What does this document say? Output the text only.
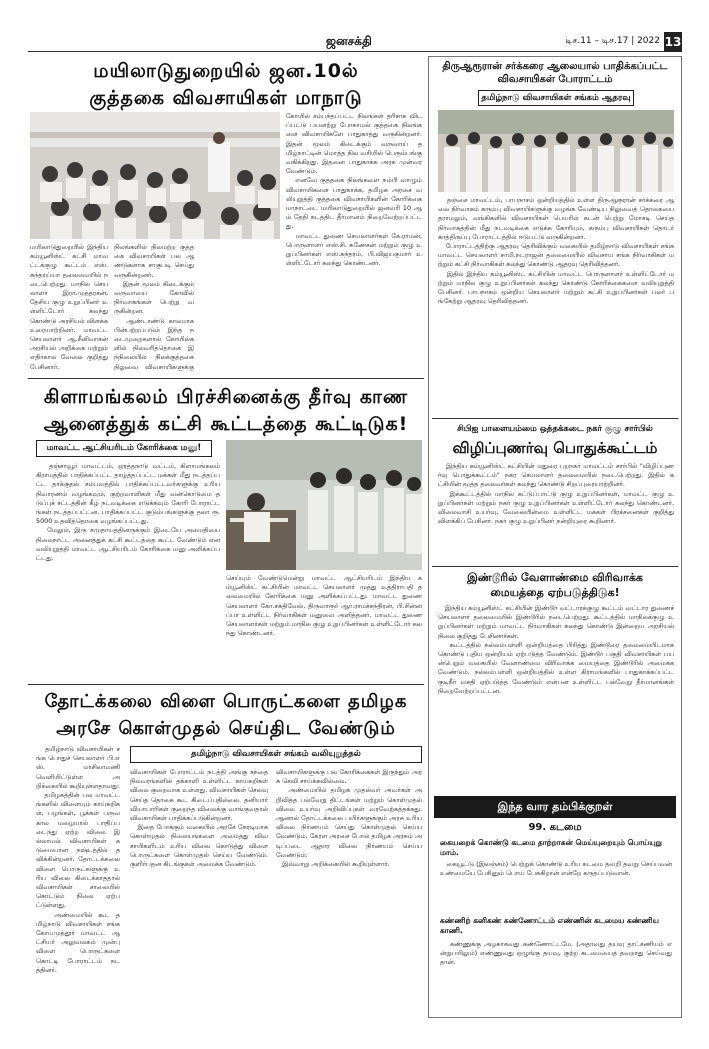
ஜனசக்தி	டிச.11 – டிச.17 | 2022 13
மயிலாடுதுறையில் ஜன.10ல்
குத்தகை விவசாயிகள் மாநாடு
மயிலாடுதுறையில் இந்திய கம்யூனிஸ்ட் கட்சி மாவட்டக்குழு கூட்டம் எஸ்.சுந்தரய்யா தலைமையில் நடைபெற்றது. மாநில செயலாளர் இரா.முத்தரசன், தேசிய குழு உறுப்பினர் உள்ளிட்டோர் கலந்து கொண்டு அரசியல் விளக்க உரையாற்றினர். மாவட்ட செயலாளர் ஆ.சீனிவாசன் அரசியல் அறிக்கை மற்றும் எதிர்கால வேலை குறித்து பேசினார்.

நிலங்களில் நிலமற்ற குத்தகை விவசாயிகள் பல ஆண்டுகளாக சாகுபடி செய்து வருகின்றனர்.
இதன் மூலம் கிடைக்கும் வருவாயை கோவில் நிர்வாகங்கள் பெற்று வருகின்றன.
ஆண்டாண்டு காலமாக பின்பற்றப்படும் இந்த நடைமுறைகளால் கோயில்களில் நிலவரித்தொகை இந்நிலையில் நிலக்குத்தகை நிலுவை விவசாயிகளுக்கு
கோயில் சம்பந்தப்பட்ட நிலங்கள் தரிசாக விடப்பட்டு பயனற்று போகாமல் குத்தகை நிலங்களை விவசாயிகளே பாதுகாத்து வருகின்றனர். இதன் மூலம் கிடைக்கும் வருவாய் தமிழ்நாட்டின் மொத்த நில வரியில் பெரும்பங்கு வகிக்கிறது. இதனை பாதுகாக்க அரசு முன்வர வேண்டும்.
எனவே குத்தகை நிலங்களை நம்பி வாழும் விவசாயிகளை பாதுகாக்க, தமிழக அரசை வலியுறுத்தி குத்தகை விவசாயிகளின் கோரிக்கை மாநாட்டை மயிலாடுதுறையில் ஜனவரி 10 ஆம் தேதி நடத்திட தீர்மானம் நிறைவேற்றப்பட்டது.
மாவட்ட துணை செயலாளர்கள் கே.ராமன், பொருளாளர் எஸ்.சி. கணேசன் மற்றும் குழு உறுப்பினர்கள் எஸ்.சுந்தரம், பி.விஜயகுமார் உள்ளிட்டோர் கலந்து கொண்டனர்.
கிளாமங்கலம் பிரச்சினைக்கு தீர்வு காண
ஆனைத்துக் கட்சி கூட்டத்தை கூட்டிடுக!
மாவட்ட ஆட்சியரிடம் கோரிக்கை மனு!
தஞ்சாவூர் மாவட்டம், ஒரத்தநாடு வட்டம், கிளாமங்கலம் கிராமத்தில் பாதிக்கப்பட்ட தாழ்த்தப்பட்ட மக்கள் மீது நடத்தப்பட்ட தாக்குதல் சம்பவத்தில் பாதிக்கப்பட்டவர்களுக்கு உரிய நிவாரணம் வழங்கவும், குற்றவாளிகள் மீது வன்கொடுமை தடுப்புச் சட்டத்தின் கீழ் நடவடிக்கை எடுக்கவும் கோரி போராட்டங்கள் நடத்தப்பட்டன. பாதிக்கப்பட்ட குடும்பங்களுக்கு தலா ரூ.5000 உதவித்தொகை வழங்கப்பட்டது.
மேலும், இரு சமுதாயத்தினருக்கும் இடையே அமைதியை நிலைநாட்ட அனைத்துக் கட்சி கூட்டத்தை கூட்ட வேண்டும் என வலியுறுத்தி மாவட்ட ஆட்சியரிடம் கோரிக்கை மனு அளிக்கப்பட்டது.
செய்யும் வேண்டுமென்று மாவட்ட ஆட்சியரிடம் இந்திய கம்யூனிஸ்ட் கட்சியின் மாவட்ட செயலாளர் முத்து உத்திராபதி தலைமையில் கோரிக்கை மனு அளிக்கப்பட்டது. மாவட்ட துணை செயலாளர் கோ.சக்திவேல், திருவாரூர் ஆர்.ராமச்சந்திரன், பி.சின்னப்பா உள்ளிட்ட நிர்வாகிகள் மனுவை அளித்தனர். மாவட்ட துணை செயலாளர்கள் மற்றும் மாநில குழு உறுப்பினர்கள் உள்ளிட்டோர் கலந்து கொண்டனர்.
தோட்க்கலை விளை பொருட்களை தமிழக
அரசே கொள்முதல் செய்திட வேண்டும்
தமிழ்நாடு விவசாயிகள் சங்க பொதுச் செயலாளர் பி.எஸ். மாசிலாமணி வெளியிட்டுள்ள அறிக்கையில் கூறியுள்ளதாவது:
தமிழகத்தின் பல மாவட்டங்களில் விளையும் காய்கறிகள், பழங்கள், பூக்கள் பருவகால மழையால் பாதிப்படைந்து ஏற்ற விலை இல்லாமல் விவசாயிகள் கடுமையான நஷ்டத்தில் தவிக்கின்றனர். தோட்டக்கலை விளை பொருட்களுக்கு உரிய விலை கிடைக்காததால் விவசாயிகள் சாலையில் கொட்டும் நிலை ஏற்பட்டுள்ளது.
அண்மையில் கூட தமிழ்நாடு விவசாயிகள் சங்க கோயமுத்தூர் மாவட்ட ஆட்சியர் அலுவலகம் முன்பு விளை பொருட்களை கொட்டி போராட்டம் நடத்தினர்.
தமிழ்நாடு விவசாயிகள் சங்கம் வலியுறுத்தல்
விவசாயிகள் போராட்டம் நடத்தி அங்கு சந்தை நிலவரங்களில் தக்காளி உள்ளிட்ட காய்கறிகள் விலை குறைவாக உள்ளது. விவசாயிகள் செலவு செய்த தொகை கூட கிடைப்பதில்லை. தனியார் வியாபாரிகள் குறைந்த விலைக்கு வாங்குவதால் விவசாயிகள் பாதிக்கப்படுகின்றனர்.
இதை போக்கும் வகையில் அரசே நேரடியாக கொள்முதல் நிலையங்களை அமைத்து விவசாயிகளிடம் உரிய விலை கொடுத்து விளை பொருட்களை கொள்முதல் செய்ய வேண்டும். குளிர்பதன கிடங்குகள் அமைக்க வேண்டும்.
விவசாயிகளுக்கு பல கோரிக்கைகள் இருந்தும் அரசு செவி சாய்க்கவில்லை.
அண்மையில் தமிழக முதல்வர் அவர்கள் அறிவித்த பல்வேறு திட்டங்கள் மற்றும் கொள்முதல் விலை உயர்வு அறிவிப்புகள் வரவேற்கத்தக்கது. ஆனால் தோட்டக்கலை பயிர்களுக்கும் அரசு உரிய விலை நிர்ணயம் செய்து கொள்முதல் செய்ய வேண்டும். கேரள அரசை போல் தமிழக அரசும் அடிப்படை ஆதார விலை நிர்ணயம் செய்ய வேண்டும்.
இவ்வாறு அறிக்கையில் கூறியுள்ளார்.
திருஆரூரான் சர்க்கரை ஆலையால் பாதிக்கப்பட்ட விவசாயிகள் போராட்டம்
தமிழ்நாடு விவசாயிகள் சங்கம் ஆதரவு
தஞ்சை மாவட்டம், பாபநாசம் ஒன்றியத்தில் உள்ள திருஆரூரான் சர்க்கரை ஆலை நிர்வாகம் கரும்பு விவசாயிகளுக்கு வழங்க வேண்டிய நிலுவைத் தொகையை தராமலும், வங்கிகளில் விவசாயிகள் பெயரில் கடன் பெற்று மோசடி செய்த நிர்வாகத்தின் மீது நடவடிக்கை எடுக்க கோரியும், கரும்பு விவசாயிகள் தொடர் காத்திருப்பு போராட்டத்தில் ஈடுபட்டு வருகின்றனர்.
போராட்டத்திற்கு ஆதரவு தெரிவிக்கும் வகையில் தமிழ்நாடு விவசாயிகள் சங்க மாவட்ட செயலாளர் சாமி.நடராஜன் தலைமையில் விவசாய சங்க நிர்வாகிகள் மற்றும் கட்சி நிர்வாகிகள் கலந்து கொண்டு ஆதரவு தெரிவித்தனர்.
இதில் இந்திய கம்யூனிஸ்ட் கட்சியின் மாவட்ட பொருளாளர் உள்ளிட்டோர் மற்றும் மாநில குழு உறுப்பினர்கள் கலந்து கொண்டு கோரிக்கைகளை வலியுறுத்தி பேசினர். பாபநாசம் ஒன்றிய செயலாளர் மற்றும் கட்சி உறுப்பினர்கள் பலர் பங்கேற்று ஆதரவு தெரிவித்தனர்.
சிபிஐ பாளையம்மை ஒத்தக்கடை நகர் குழு சார்பில்
விழிப்புணர்வு பொதுக்கூட்டம்
இந்திய கம்யூனிஸ்ட் கட்சியின் மதுரை புறநகர் மாவட்டம் சார்பில் "விழிப்புணர்வு பொதுக்கூட்டம்" நகர செயலாளர் தலைமையில் நடைபெற்றது. இதில் கட்சியின் மூத்த தலைவர்கள் கலந்து கொண்டு சிறப்புரையாற்றினர்.
இக்கூட்டத்தில் மாநில கட்டுப்பாட்டு குழு உறுப்பினர்கள், மாவட்ட குழு உறுப்பினர்கள் மற்றும் நகர் குழு உறுப்பினர்கள் உள்ளிட்டோர் கலந்து கொண்டனர். விலைவாசி உயர்வு, வேலையின்மை உள்ளிட்ட மக்கள் பிரச்சனைகள் குறித்து விளக்கிப் பேசினர். நகர் குழு உறுப்பினர் நன்றியுரை கூறினார்.
இண்டூரில் வேளாண்மை விரிவாக்க
மையத்தை ஏற்படுத்திடுக!
இந்திய கம்யூனிஸ்ட் கட்சியின் இண்டூர் வட்டாரக்குழு கூட்டம் வட்டார துணைச் செயலாளர் தலைமையில் இண்டூரில் நடைபெற்றது. கூட்டத்தில் மாநிலக்குழு உறுப்பினர்கள் மற்றும் மாவட்ட நிர்வாகிகள் கலந்து கொண்டு இன்றைய அரசியல் நிலை குறித்து பேசினார்கள்.
கூட்டத்தில் நல்லம்பள்ளி ஒன்றியத்தை பிரித்து இண்டூரை தலைமையிடமாக கொண்டு புதிய ஒன்றியம் ஏற்படுத்த வேண்டும். இண்டூர் பகுதி விவசாயிகள் பயன்பெறும் வகையில் வேளாண்மை விரிவாக்க மையத்தை இண்டூரில் அமைக்க வேண்டும். நல்லம்பள்ளி ஒன்றியத்தில் உள்ள கிராமங்களில் பாதுகாக்கப்பட்ட குடிநீர் வசதி ஏற்படுத்த வேண்டும் என்பன உள்ளிட்ட பல்வேறு தீர்மானங்கள் நிறைவேற்றப்பட்டன.
இந்த வார தம்பிக்குறள்
99. கடமை
கையறைக் கொண்டு கடமை தாற்றாகன் மெய்யுறையும் பொய்யுறு மாம்.
கையூட்டு (இலஞ்சம்) பெற்றுக் கொண்டு உரிய கடமை தவறி தவறு செய்பவன் உண்மையே பேசினும் பொய் பேசுகிறான் என்றே கருதப்படுவான்.
கண்ணிற் கனிகண் கண்ணோட்டம் எண்ணின் கடமைய கண்ணிய காணி.
கண்ணுக்கு அழகாகவது கண்ணோட்டமே. (அதாவது தயவு தாட்சணியம் என்றுபயிலும்) எண்ணுவது ஒழுங்கு தயவு, குற்ற கடமையைத் தவறாது செய்வது தான்.
